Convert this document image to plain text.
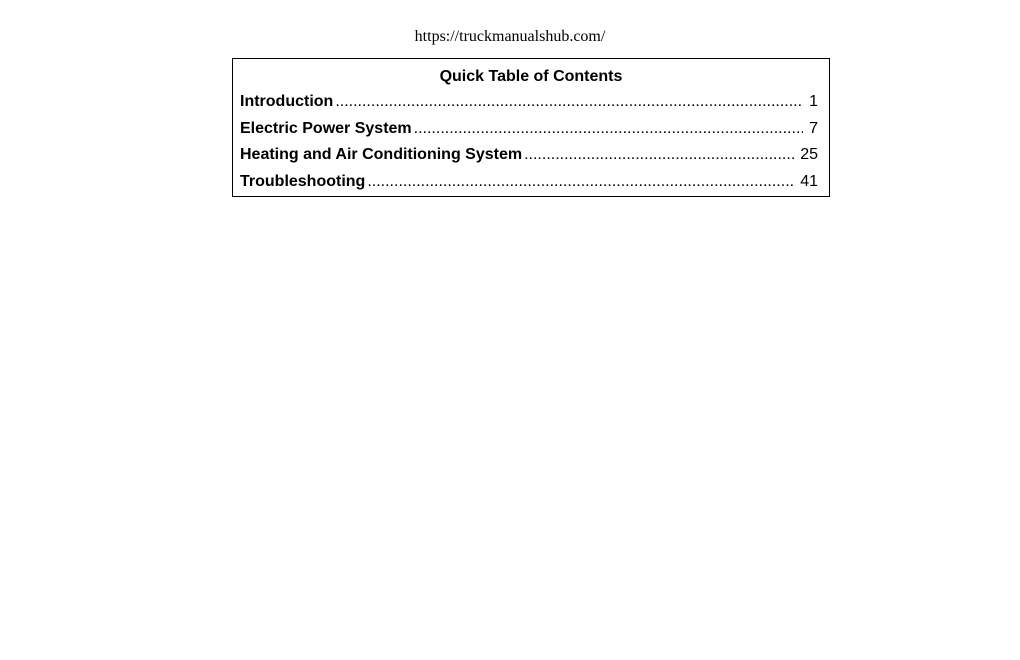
https://truckmanualshub.com/
Quick Table of Contents
Introduction .....	1
Electric Power System .....	7
Heating and Air Conditioning System .....	25
Troubleshooting .....	41
